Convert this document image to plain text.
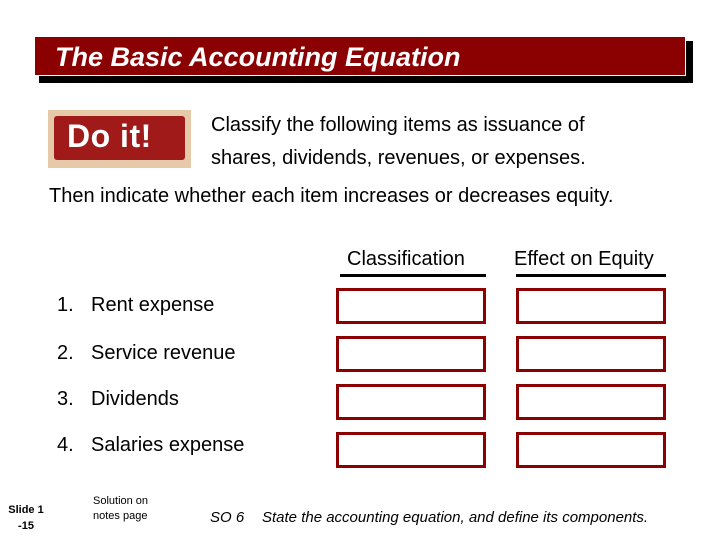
The Basic Accounting Equation
Do it!	Classify the following items as issuance of
shares, dividends, revenues, or expenses.
Then indicate whether each item increases or decreases equity.
Classification Effect on Equity
1. Rent expense
2. Service revenue
3. Dividends
4. Salaries expense
Slide 1
-15
Solution on notes page	SO 6 State the accounting equation, and define its components.
